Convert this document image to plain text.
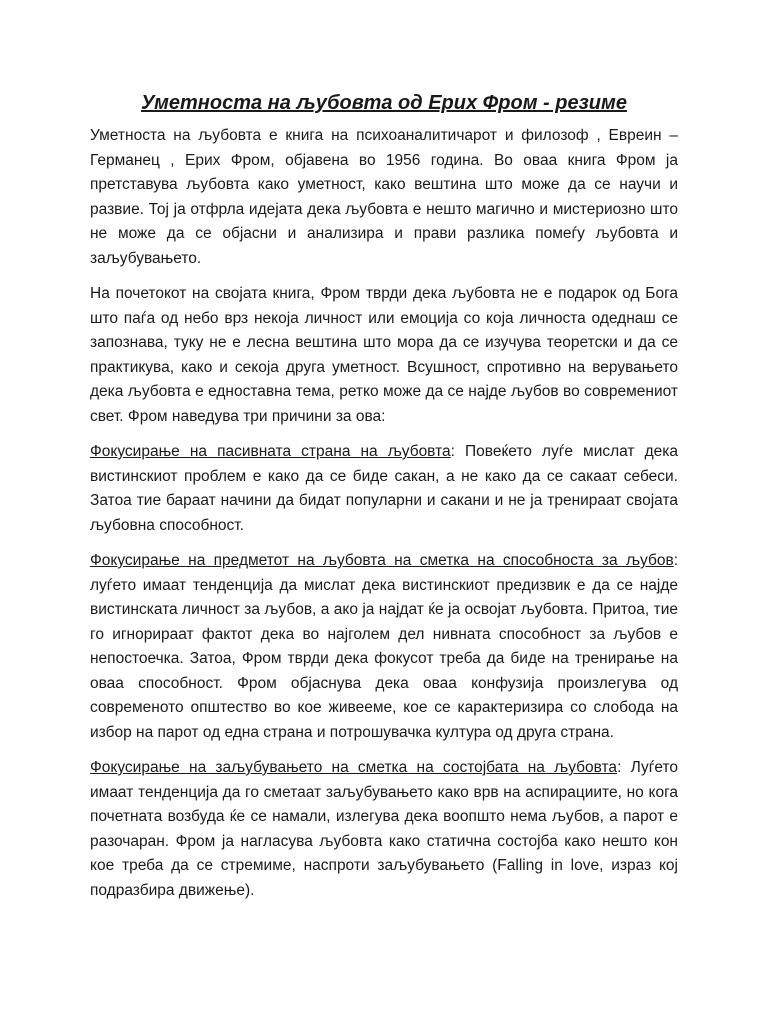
Уметноста на љубовта од Ерих Фром - резиме

Уметноста на љубовта е книга на психоаналитичарот и филозоф , Евреин – Германец , Ерих Фром, објавена во 1956 година. Во оваа книга Фром ја претставува љубовта како уметност, како вештина што може да се научи и развие. Тој ја отфрла идејата дека љубовта е нешто магично и мистериозно што не може да се објасни и анализира и прави разлика помеѓу љубовта и заљубувањето.

На почетокот на својата книга, Фром тврди дека љубовта не е подарок од Бога што паѓа од небо врз некоја личност или емоција со која личноста одеднаш се запознава, туку не е лесна вештина што мора да се изучува теоретски и да се практикува, како и секоја друга уметност. Всушност, спротивно на верувањето дека љубовта е едноставна тема, ретко може да се најде љубов во современиот свет. Фром наведува три причини за ова:

Фокусирање на пасивната страна на љубовта: Повеќето луѓе мислат дека вистинскиот проблем е како да се биде сакан, а не како да се сакаат себеси. Затоа тие бараат начини да бидат популарни и сакани и не ја тренираат својата љубовна способност.

Фокусирање на предметот на љубовта на сметка на способноста за љубов: луѓето имаат тенденција да мислат дека вистинскиот предизвик е да се најде вистинската личност за љубов, а ако ја најдат ќе ја освојат љубовта. Притоа, тие го игнорираат фактот дека во најголем дел нивната способност за љубов е непостоечка. Затоа, Фром тврди дека фокусот треба да биде на тренирање на оваа способност. Фром објаснува дека оваа конфузија произлегува од современото општество во кое живееме, кое се карактеризира со слобода на избор на парот од една страна и потрошувачка култура од друга страна.

Фокусирање на заљубувањето на сметка на состојбата на љубовта: Луѓето имаат тенденција да го сметаат заљубувањето како врв на аспирациите, но кога почетната возбуда ќе се намали, излегува дека воопшто нема љубов, а парот е разочаран. Фром ја нагласува љубовта како статична состојба како нешто кон кое треба да се стремиме, наспроти заљубувањето (Falling in love, израз кој подразбира движење).
